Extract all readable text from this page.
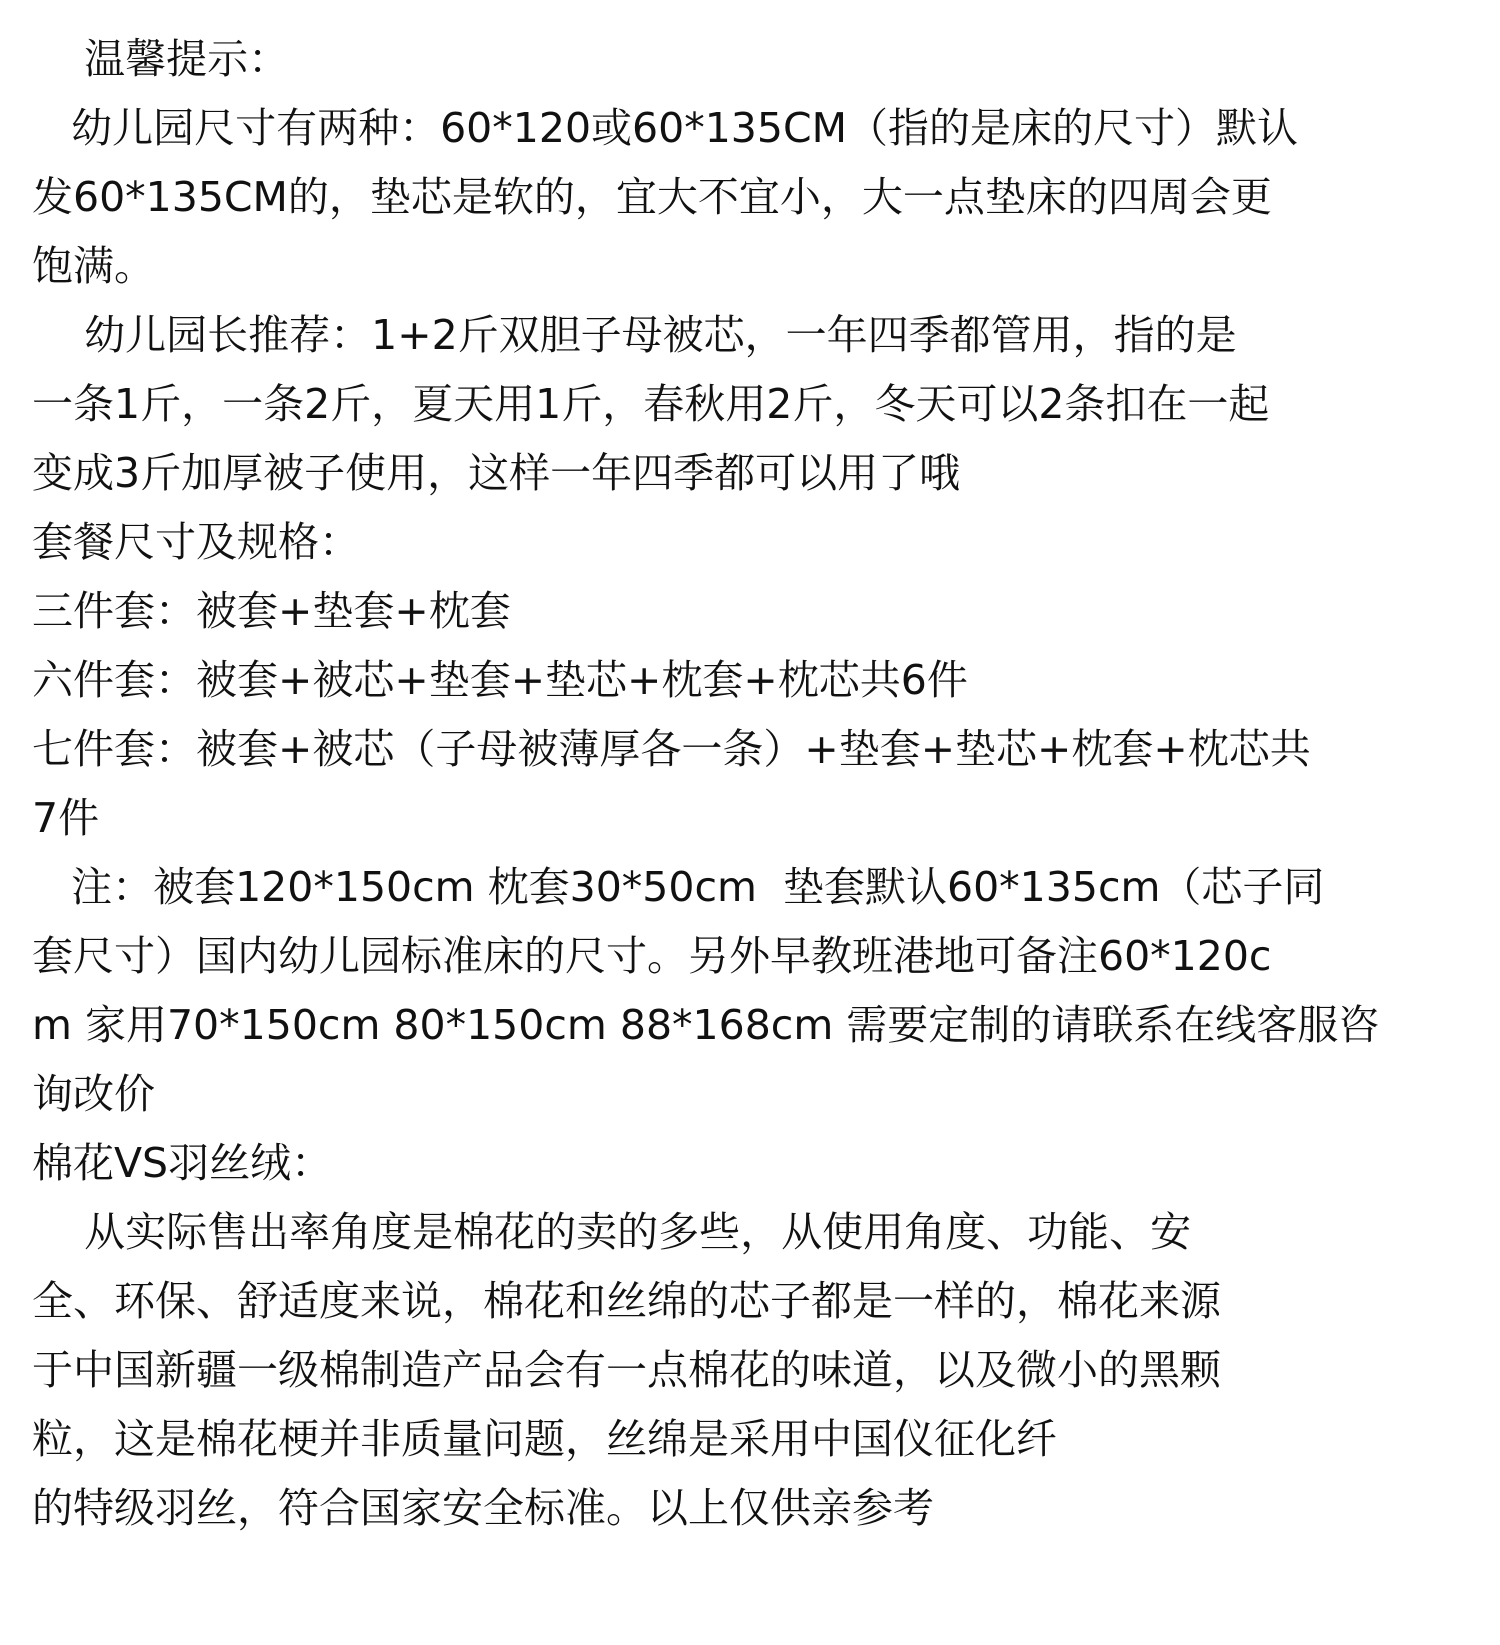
温馨提示：
幼儿园尺寸有两种：60*120或60*135CM（指的是床的尺寸）默认
发60*135CM的，垫芯是软的，宜大不宜小，大一点垫床的四周会更
饱满。
幼儿园长推荐：1+2斤双胆子母被芯，一年四季都管用，指的是
一条1斤，一条2斤，夏天用1斤，春秋用2斤，冬天可以2条扣在一起
变成3斤加厚被子使用，这样一年四季都可以用了哦
套餐尺寸及规格：
三件套：被套+垫套+枕套
六件套：被套+被芯+垫套+垫芯+枕套+枕芯共6件
七件套：被套+被芯（子母被薄厚各一条）+垫套+垫芯+枕套+枕芯共
7件
注：被套120*150cm 枕套30*50cm  垫套默认60*135cm（芯子同
套尺寸）国内幼儿园标准床的尺寸。另外早教班港地可备注60*120c
m 家用70*150cm 80*150cm 88*168cm 需要定制的请联系在线客服咨
询改价
棉花VS羽丝绒：
从实际售出率角度是棉花的卖的多些，从使用角度、功能、安
全、环保、舒适度来说，棉花和丝绵的芯子都是一样的，棉花来源
于中国新疆一级棉制造产品会有一点棉花的味道，以及微小的黑颗
粒，这是棉花梗并非质量问题，丝绵是采用中国仪征化纤
的特级羽丝，符合国家安全标准。以上仅供亲参考
